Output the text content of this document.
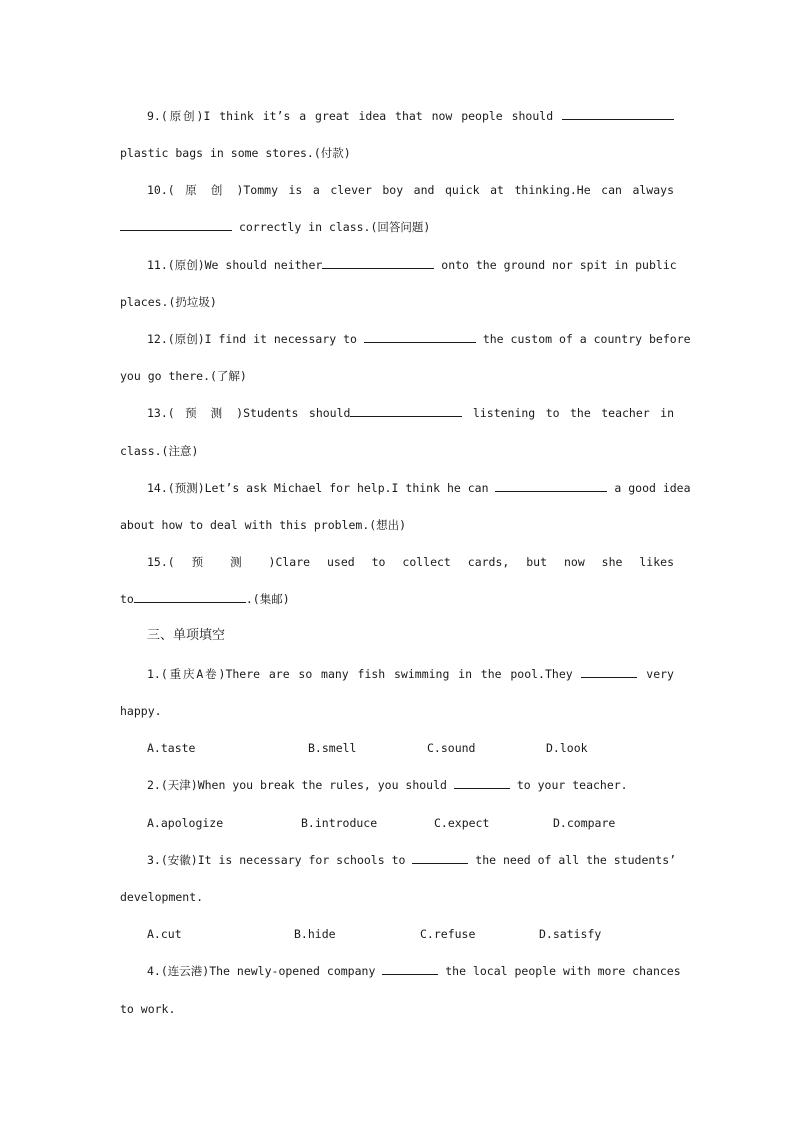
9.(原创)I think it’s a great idea that now people should
plastic bags in some stores.(付款)
10.( 原 创 )Tommy is a clever boy and quick at thinking.He can always
correctly in class.(回答问题)
11.(原创)We should neither	onto the ground nor spit in public
places.(扔垃圾)
12.(原创)I find it necessary to	the custom of a country before
you go there.(了解)
13.( 预 测 )Students should	listening to the teacher in
class.(注意)
14.(预测)Let’s ask Michael for help.I think he can	a good idea
about how to deal with this problem.(想出)
15.( 预 测 )Clare used to collect cards, but now she likes
to	.(集邮)
三、单项填空
1.(重庆A卷)There are so many fish swimming in the pool.They	very
happy.
A.taste	B.smell	C.sound	D.look
2.(天津)When you break the rules, you should	to your teacher.
A.apologize	B.introduce	C.expect	D.compare
3.(安徽)It is necessary for schools to	the need of all the students’
development.
A.cut	B.hide	C.refuse	D.satisfy
4.(连云港)The newly-opened company	the local people with more chances
to work.
